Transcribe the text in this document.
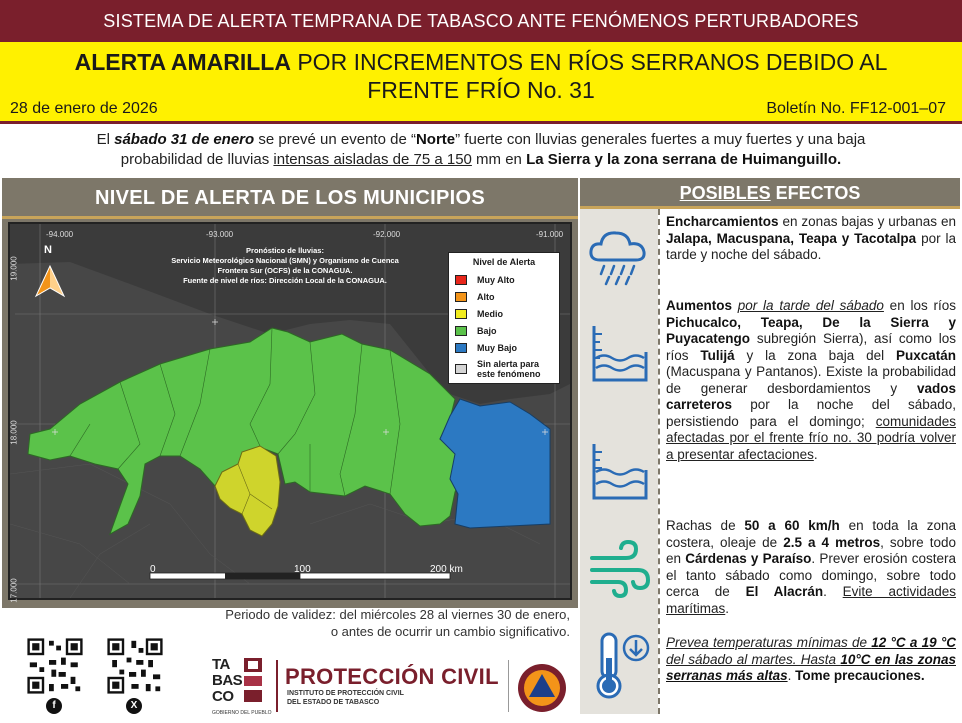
SISTEMA DE ALERTA TEMPRANA DE TABASCO ANTE FENÓMENOS PERTURBADORES
ALERTA AMARILLA POR INCREMENTOS EN RÍOS SERRANOS DEBIDO AL
FRENTE FRÍO No. 31
28 de enero de 2026	Boletín No. FF12-001–07
El sábado 31 de enero se prevé un evento de “Norte” fuerte con lluvias generales fuertes a muy fuertes y una baja
probabilidad de lluvias intensas aisladas de 75 a 150 mm en La Sierra y la zona serrana de Huimanguillo.
NIVEL DE ALERTA DE LOS MUNICIPIOS
-94.000	-93.000	-92.000	-91.000
19.000
18.000
17.000
N	Pronóstico de lluvias:
Servicio Meteorológico Nacional (SMN) y Organismo de Cuenca
Frontera Sur (OCFS) de la CONAGUA.
Fuente de nivel de ríos: Dirección Local de la CONAGUA.
0	100	200 km
Nivel de Alerta
Muy Alto
Alto
Medio
Bajo
Muy Bajo
Sin alerta para
este fenómeno
Periodo de validez: del miércoles 28 al viernes 30 de enero,
o antes de ocurrir un cambio significativo.
POSIBLES EFECTOS
Encharcamientos en zonas bajas y urbanas en Jalapa, Macuspana, Teapa y Tacotalpa por la tarde y noche del sábado.
Aumentos por la tarde del sábado en los ríos Pichucalco, Teapa, De la Sierra y Puyacatengo subregión Sierra), así como los ríos Tulijá y la zona baja del Puxcatán (Macuspana y Pantanos). Existe la probabilidad de generar desbordamientos y vados carreteros por la noche del sábado, persistiendo para el domingo; comunidades afectadas por el frente frío no. 30 podría volver a presentar afectaciones.
Rachas de 50 a 60 km/h en toda la zona costera, oleaje de 2.5 a 4 metros, sobre todo en Cárdenas y Paraíso. Prever erosión costera el tanto sábado como domingo, sobre todo cerca de El Alacrán. Evite actividades marítimas.
Prevea temperaturas mínimas de 12 °C a 19 °C del sábado al martes. Hasta 10°C en las zonas serranas más altas. Tome precauciones.
f	X
TA
BAS
CO
GOBIERNO DEL PUEBLO
PROTECCIÓN CIVIL
INSTITUTO DE PROTECCIÓN CIVIL
DEL ESTADO DE TABASCO
